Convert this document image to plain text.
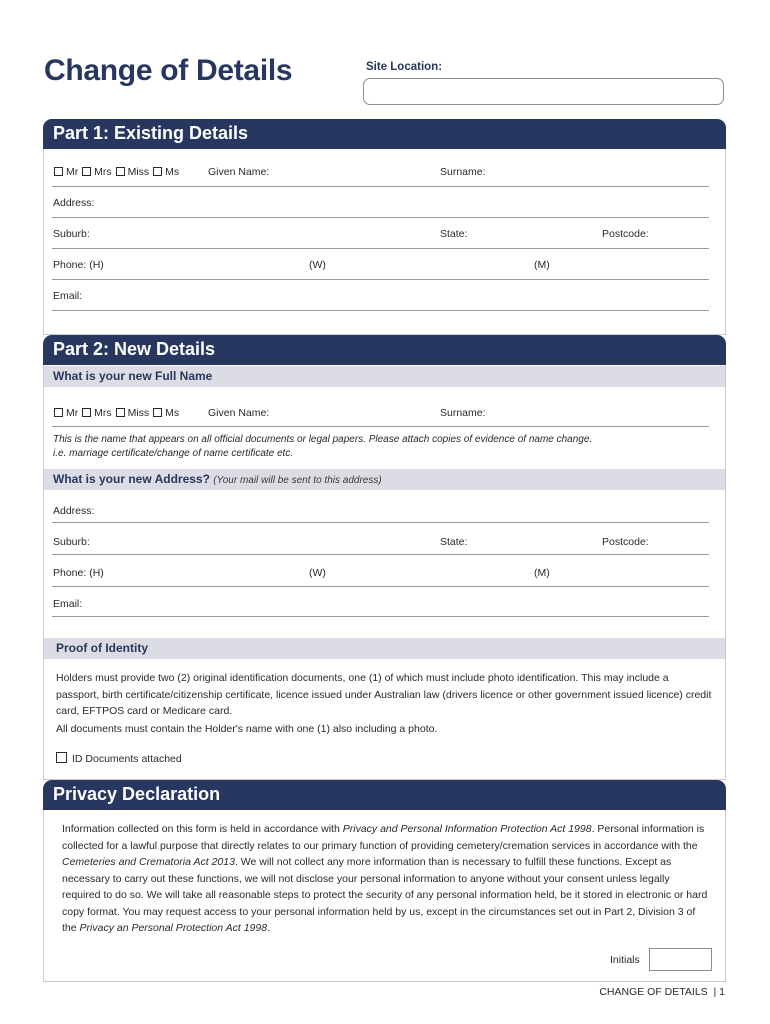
Change of Details	Site Location:
Part 1: Existing Details
Mr Mrs Miss Ms	Given Name:	Surname:
Address:
Suburb:	State:	Postcode:
Phone: (H)	(W)	(M)
Email:
Part 2: New Details
What is your new Full Name
Mr Mrs Miss Ms	Given Name:	Surname:
This is the name that appears on all official documents or legal papers. Please attach copies of evidence of name change.
i.e. marriage certificate/change of name certificate etc.
What is your new Address? (Your mail will be sent to this address)
Address:
Suburb:	State:	Postcode:
Phone: (H)	(W)	(M)
Email:
Proof of Identity
Holders must provide two (2) original identification documents, one (1) of which must include photo identification. This may include a passport, birth certificate/citizenship certificate, licence issued under Australian law (drivers licence or other government issued licence) credit card, EFTPOS card or Medicare card.
All documents must contain the Holder's name with one (1) also including a photo.
ID Documents attached
Privacy Declaration
Information collected on this form is held in accordance with Privacy and Personal Information Protection Act 1998. Personal information is collected for a lawful purpose that directly relates to our primary function of providing cemetery/cremation services in accordance with the Cemeteries and Crematoria Act 2013. We will not collect any more information than is necessary to fulfill these functions. Except as necessary to carry out these functions, we will not disclose your personal information to anyone without your consent unless legally required to do so. We will take all reasonable steps to protect the security of any personal information held, be it stored in electronic or hard copy format. You may request access to your personal information held by us, except in the circumstances set out in Part 2, Division 3 of the Privacy an Personal Protection Act 1998.
Initials
CHANGE OF DETAILS  | 1
